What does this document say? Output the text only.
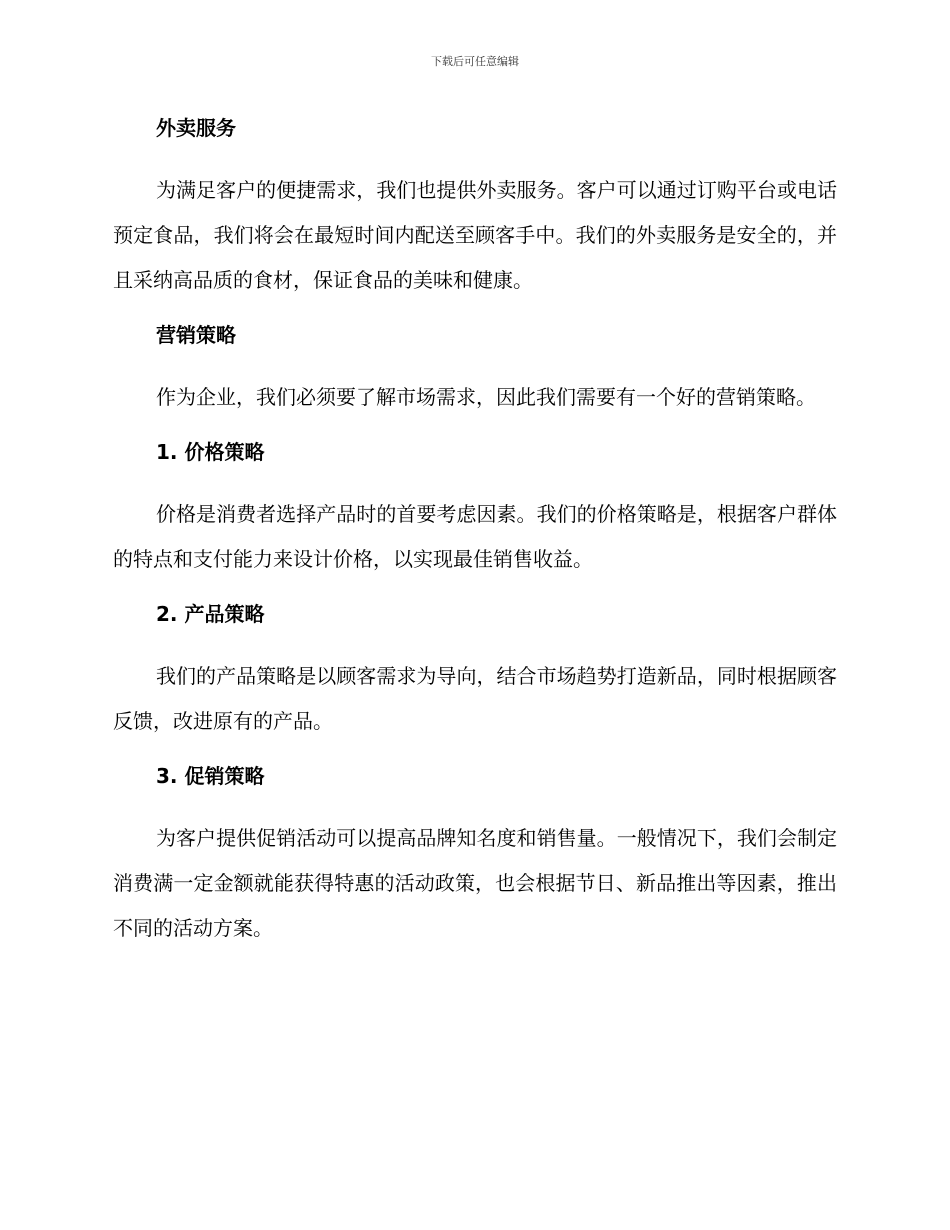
下载后可任意编辑
外卖服务

为满足客户的便捷需求，我们也提供外卖服务。客户可以通过订购平台或电话预定食品，我们将会在最短时间内配送至顾客手中。我们的外卖服务是安全的，并且采纳高品质的食材，保证食品的美味和健康。

营销策略

作为企业，我们必须要了解市场需求，因此我们需要有一个好的营销策略。

1. 价格策略

价格是消费者选择产品时的首要考虑因素。我们的价格策略是，根据客户群体的特点和支付能力来设计价格，以实现最佳销售收益。

2. 产品策略

我们的产品策略是以顾客需求为导向，结合市场趋势打造新品，同时根据顾客反馈，改进原有的产品。

3. 促销策略

为客户提供促销活动可以提高品牌知名度和销售量。一般情况下，我们会制定消费满一定金额就能获得特惠的活动政策，也会根据节日、新品推出等因素，推出不同的活动方案。
